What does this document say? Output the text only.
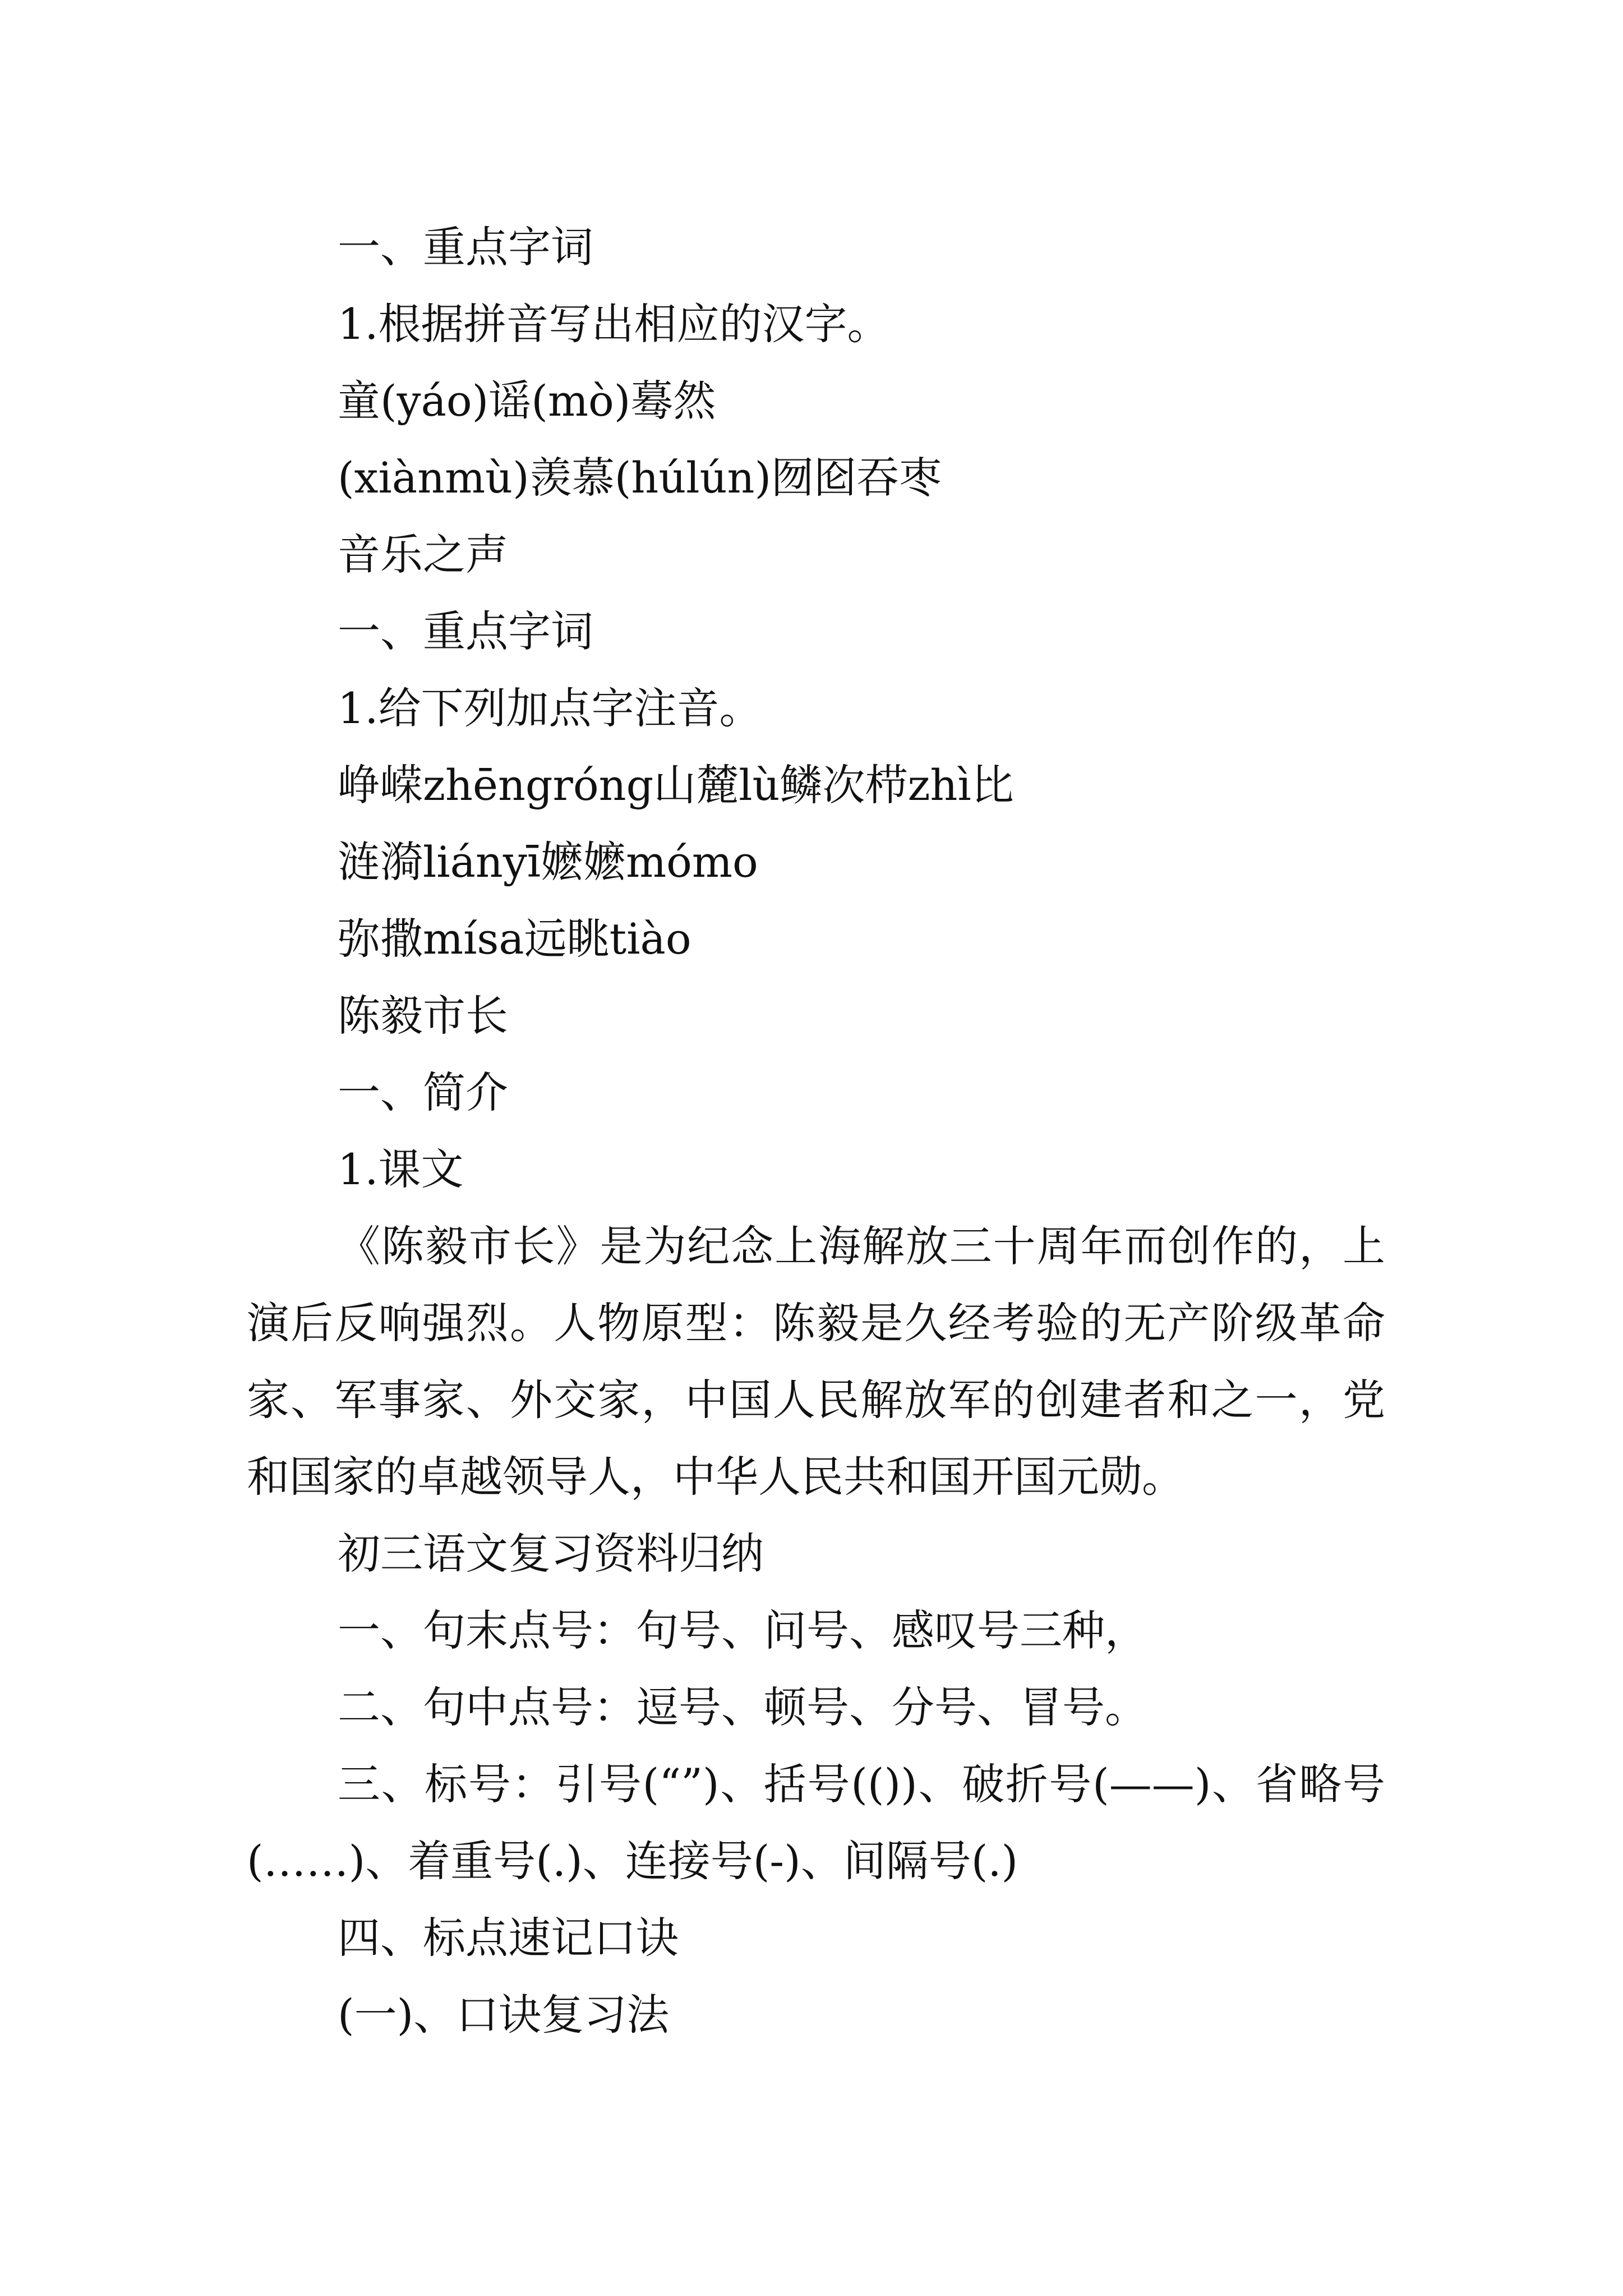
一、重点字词
1.根据拼音写出相应的汉字。
童(yáo)谣(mò)蓦然
(xiànmù)羡慕(húlún)囫囵吞枣
音乐之声
一、重点字词
1.给下列加点字注音。
峥嵘zhēngróng山麓lù鳞次栉zhì比
涟漪liányī嬷嬷mómo
弥撒mísa远眺tiào
陈毅市长
一、简介
1.课文
《陈毅市长》是为纪念上海解放三十周年而创作的，上演后反响强烈。人物原型：陈毅是久经考验的无产阶级革命家、军事家、外交家，中国人民解放军的创建者和之一，党和国家的卓越领导人，中华人民共和国开国元勋。
初三语文复习资料归纳
一、句末点号：句号、问号、感叹号三种，
二、句中点号：逗号、顿号、分号、冒号。
三、标号：引号(“”)、括号(())、破折号(——)、省略号(……)、着重号(.)、连接号(-)、间隔号(.)
四、标点速记口诀
(一)、口诀复习法
